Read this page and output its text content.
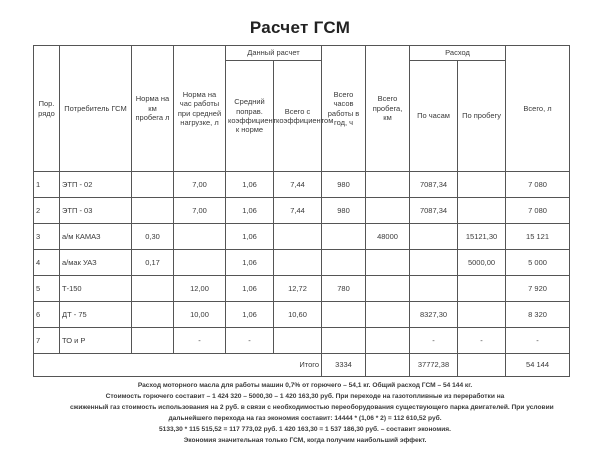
Расчет ГСМ
Пор. рядо	Потребитель ГСМ	Норма на км пробега л	Норма на час работы при средней нагрузке, л	Данный расчет		Всего часов работы в год, ч	Всего пробега, км	Расход		Всего, л
				Средний поправ. коэффициент к норме	Всего с коэффициентом			По часам	По пробегу	
1	ЭТП - 02		7,00	1,06	7,44	980		7087,34		7 080
2	ЭТП - 03		7,00	1,06	7,44	980		7087,34		7 080
3	а/м КАМАЗ	0,30		1,06			48000		15121,30	15 121
4	а/мак УАЗ	0,17		1,06					5000,00	5 000
5	Т-150		12,00	1,06	12,72	780				7 920
6	ДТ - 75		10,00	1,06	10,60			8327,30		8 320
7	ТО и Р		-	-				-	-	-
Итого						3334		37772,38		54 144
Расход моторного масла для работы машин 0,7% от горючего – 54,1 кг. Общий расход ГСМ – 54 144 кг.
Стоимость горючего составит – 1 424 320 – 5000,30 – 1 420 163,30 руб. При переходе на газотопливные из переработки на
сжиженный газ стоимость использования на 2 руб. в связи с необходимостью переоборудования существующего парка двигателей. При условии
дальнейшего перехода на газ экономия составит: 14444 * (1,06 * 2) = 112 610,52 руб.
5133,30 * 115 515,52 = 117 773,02 руб. 1 420 163,30 = 1 537 186,30 руб. – составит экономия.
Экономия значительная только ГСМ, когда получим наибольший эффект.
